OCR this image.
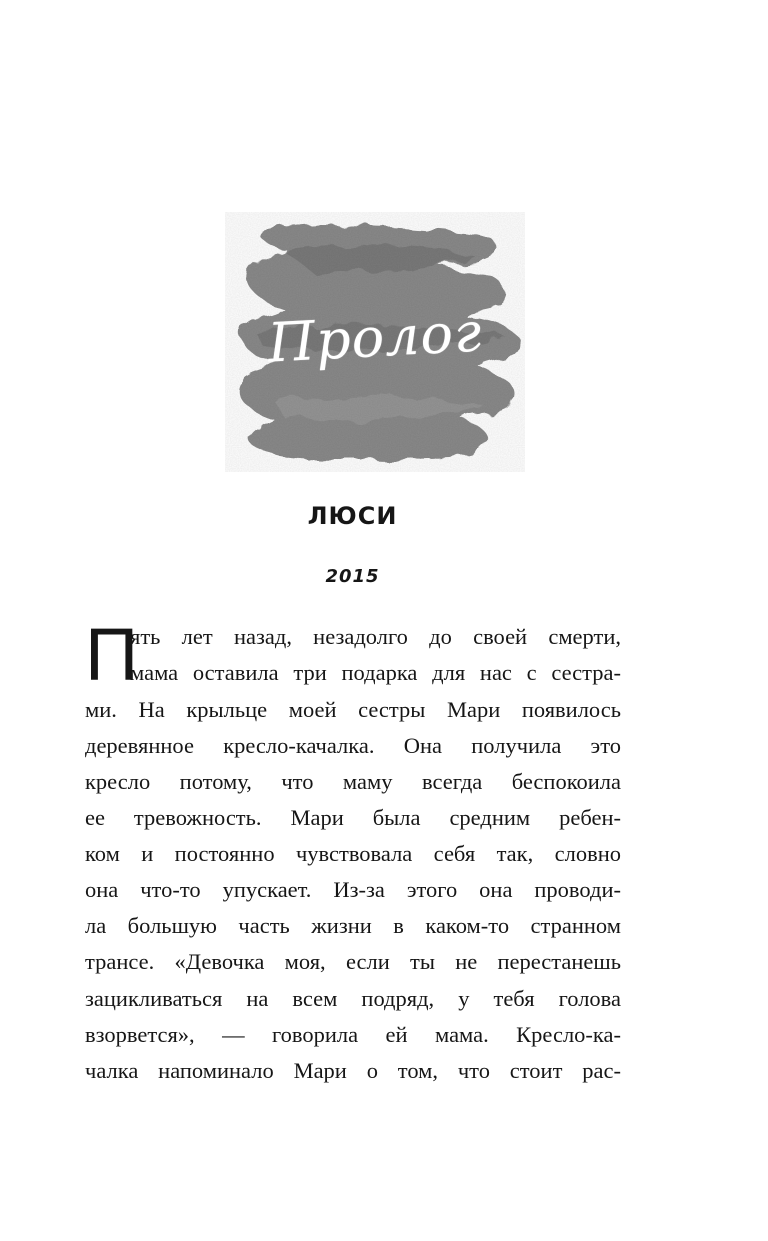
Пролог
ЛЮСИ
2015
П
ять лет назад, незадолго до своей смерти,
мама оставила три подарка для нас с сестра-
ми. На крыльце моей сестры Мари появилось
деревянное кресло-качалка. Она получила это
кресло потому, что маму всегда беспокоила
ее тревожность. Мари была средним ребен-
ком и постоянно чувствовала себя так, словно
она что-то упускает. Из-за этого она проводи-
ла большую часть жизни в каком-то странном
трансе. «Девочка моя, если ты не перестанешь
зацикливаться на всем подряд, у тебя голова
взорвется», — говорила ей мама. Кресло-ка-
чалка напоминало Мари о том, что стоит рас-
